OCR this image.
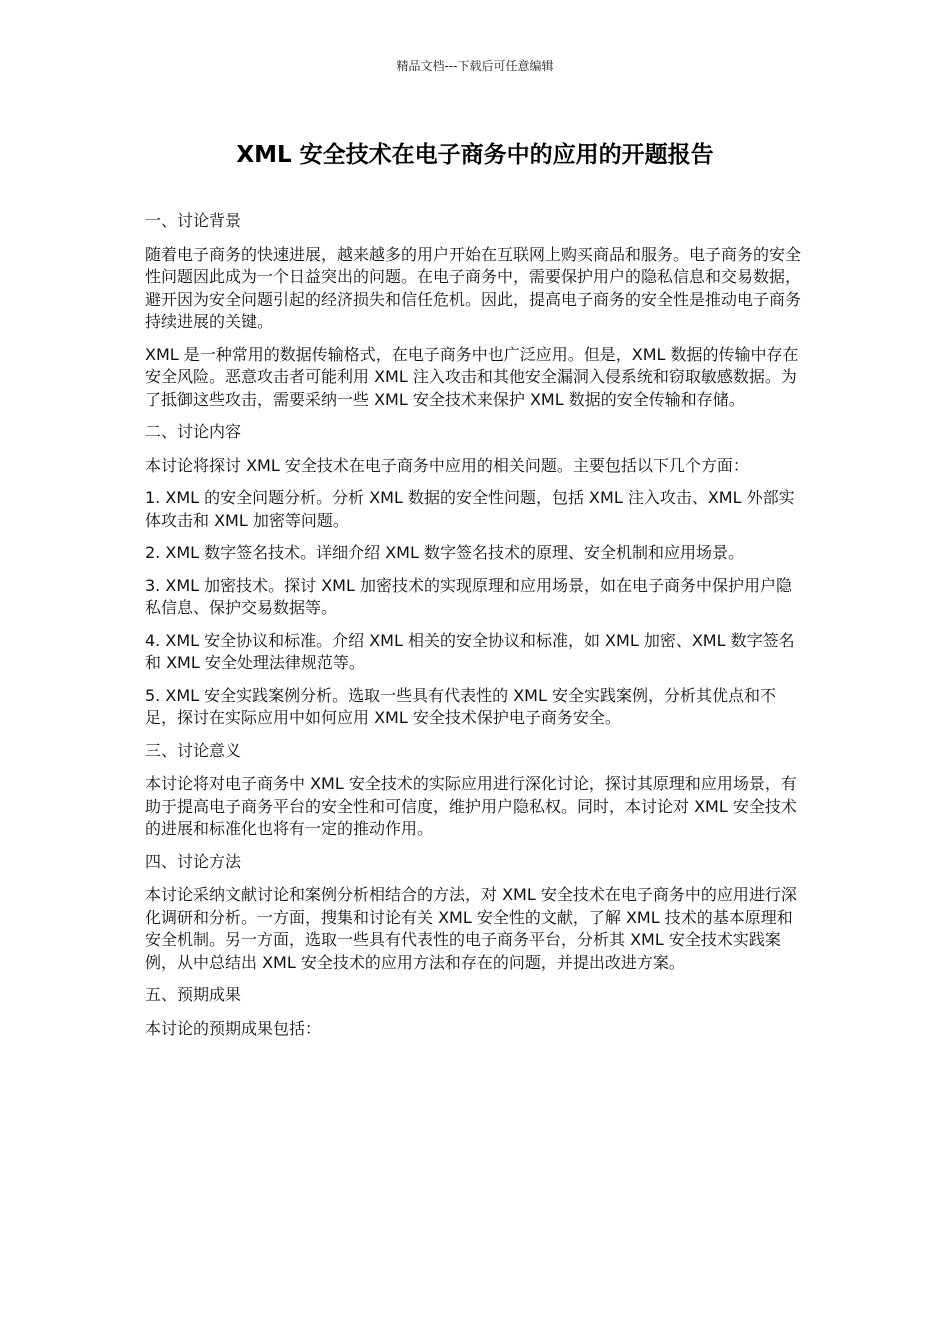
精品文档---下载后可任意编辑
XML 安全技术在电子商务中的应用的开题报告

一、讨论背景

随着电子商务的快速进展，越来越多的用户开始在互联网上购买商品和服务。电子商务的安全性问题因此成为一个日益突出的问题。在电子商务中，需要保护用户的隐私信息和交易数据，避开因为安全问题引起的经济损失和信任危机。因此，提高电子商务的安全性是推动电子商务持续进展的关键。

XML 是一种常用的数据传输格式，在电子商务中也广泛应用。但是，XML 数据的传输中存在安全风险。恶意攻击者可能利用 XML 注入攻击和其他安全漏洞入侵系统和窃取敏感数据。为了抵御这些攻击，需要采纳一些 XML 安全技术来保护 XML 数据的安全传输和存储。

二、讨论内容

本讨论将探讨 XML 安全技术在电子商务中应用的相关问题。主要包括以下几个方面：

1. XML 的安全问题分析。分析 XML 数据的安全性问题，包括 XML 注入攻击、XML 外部实体攻击和 XML 加密等问题。

2. XML 数字签名技术。详细介绍 XML 数字签名技术的原理、安全机制和应用场景。

3. XML 加密技术。探讨 XML 加密技术的实现原理和应用场景，如在电子商务中保护用户隐私信息、保护交易数据等。

4. XML 安全协议和标准。介绍 XML 相关的安全协议和标准，如 XML 加密、XML 数字签名和 XML 安全处理法律规范等。

5. XML 安全实践案例分析。选取一些具有代表性的 XML 安全实践案例，分析其优点和不足，探讨在实际应用中如何应用 XML 安全技术保护电子商务安全。

三、讨论意义

本讨论将对电子商务中 XML 安全技术的实际应用进行深化讨论，探讨其原理和应用场景，有助于提高电子商务平台的安全性和可信度，维护用户隐私权。同时，本讨论对 XML 安全技术的进展和标准化也将有一定的推动作用。

四、讨论方法

本讨论采纳文献讨论和案例分析相结合的方法，对 XML 安全技术在电子商务中的应用进行深化调研和分析。一方面，搜集和讨论有关 XML 安全性的文献，了解 XML 技术的基本原理和安全机制。另一方面，选取一些具有代表性的电子商务平台，分析其 XML 安全技术实践案例，从中总结出 XML 安全技术的应用方法和存在的问题，并提出改进方案。

五、预期成果

本讨论的预期成果包括：
